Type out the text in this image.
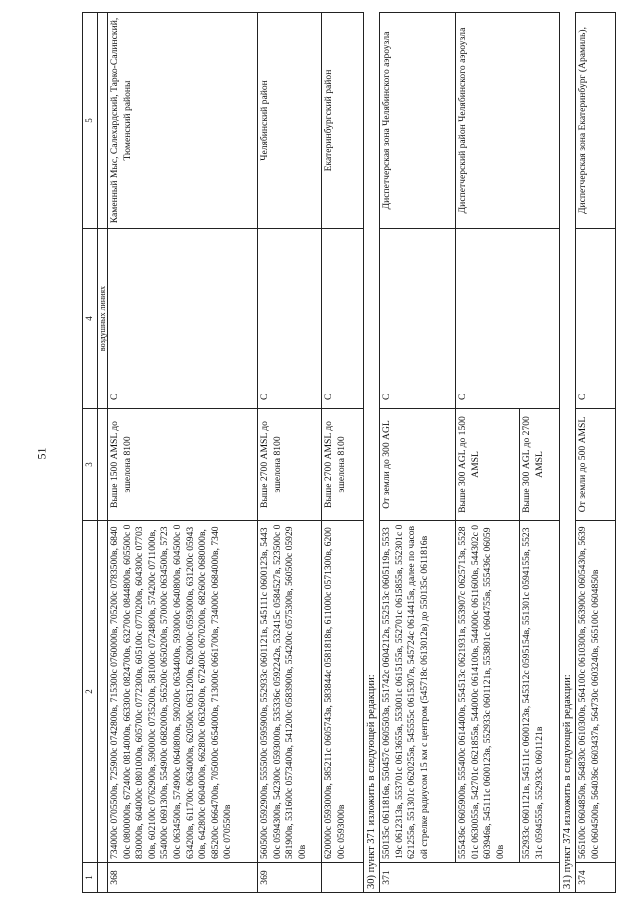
51
1	2	3	4	5
			воздушных линиях	
368	734000с 0705500в, 725900с 0742800в, 715300с 0760000в, 705200с 0783500в, 684000с 0800000в, 672400с 0814000в, 663300с 0824700в, 632700с 0844800в, 605500с 0830000в, 604000с 0801000в, 605700с 0772300в, 605100с 0770200в, 604300с 0770300в, 602100с 0762900в, 590000с 0735200в, 581000с 0724800в, 574200с 0711000в, 554000с 0691300в, 554900с 0682000в, 565200с 0650200в, 570000с 0634500в, 572300с 0634500в, 574900с 0640800в, 590200с 0634400в, 593000с 0640800в, 604500с 0634200в, 611700с 0634000в, 620500с 0631200в, 620000с 0593000в, 631200с 0594300в, 642800с 0604000в, 662800с 0632600в, 672400с 0670200в, 682600с 0680000в, 685200с 0664700в, 705000с 0654000в, 713000с 0661700в, 734000с 0684000в, 734000с 0705500в	Выше 1500 AMSL до эшелона 8100	С	Каменный Мыс, Салехардский, Тарко-Салинский, Тюменский районы
369	560500с 0592900в, 555500с 0595900в, 552933с 0601121в, 545111с 0600123в, 544300с 0594300в, 542300с 0593000в, 535336с 0592242в, 532415с 0584527в, 523500с 0581900в, 531600с 0573400в, 541200с 0583900в, 554200с 0575300в, 560500с 0592900в	Выше 2700 AMSL до эшелона 8100	С	Челябинский район
	620000с 0593000в, 585211с 0605743в, 583844с 0581818в, 611000с 0571300в, 620000с 0593000в	Выше 2700 AMSL до эшелона 8100	С	Екатеринбургский район
30) пункт 371 изложить в следующей редакции:				
371	550135с 0611816в, 550457с 0605503в, 551742с 0604212в, 552513с 0605119в, 553319с 0612313в, 553701с 0613655в, 553001с 0615155в, 552701с 0615855в, 552301с 0621255в, 551301с 0620255в, 545555с 0615307в, 545724с 0614415в, далее по часовой стрелке радиусом 15 км с центром (545718с 0613012в) до 550135с 0611816в	От земли до 300 AGL	С	Диспетчерская зона Челябинского аэроузла
	555436с 0605900в, 555400с 0614400в, 554513с 0621931в, 553907с 0625713в, 552801с 0630055в, 542701с 0621855в, 544000с 0614100в, 544000с 0611600в, 544302с 0603946в, 545111с 0600123в, 552933с 0601121в, 553801с 0604755в, 555436с 0605900в	Выше 300 AGL до 1500 AMSL	С	Диспетчерский район Челябинского аэроузла
	552933с 0601121в, 545111с 0600123в, 545312с 0595154в, 551301с 0594155в, 552331с 0594555в, 552933с 0601121в	Выше 300 AGL до 2700 AMSL		
31) пункт 374 изложить в следующей редакции:				
374	565100с 0604850в, 564830с 0610300в, 564100с 0610300в, 563900с 0605430в, 563900с 0604500в, 564036с 0603437в, 564730с 0603240в, 565100с 0604850в	От земли до 500 AMSL	С	Диспетчерская зона Екатеринбург (Арамиль),
